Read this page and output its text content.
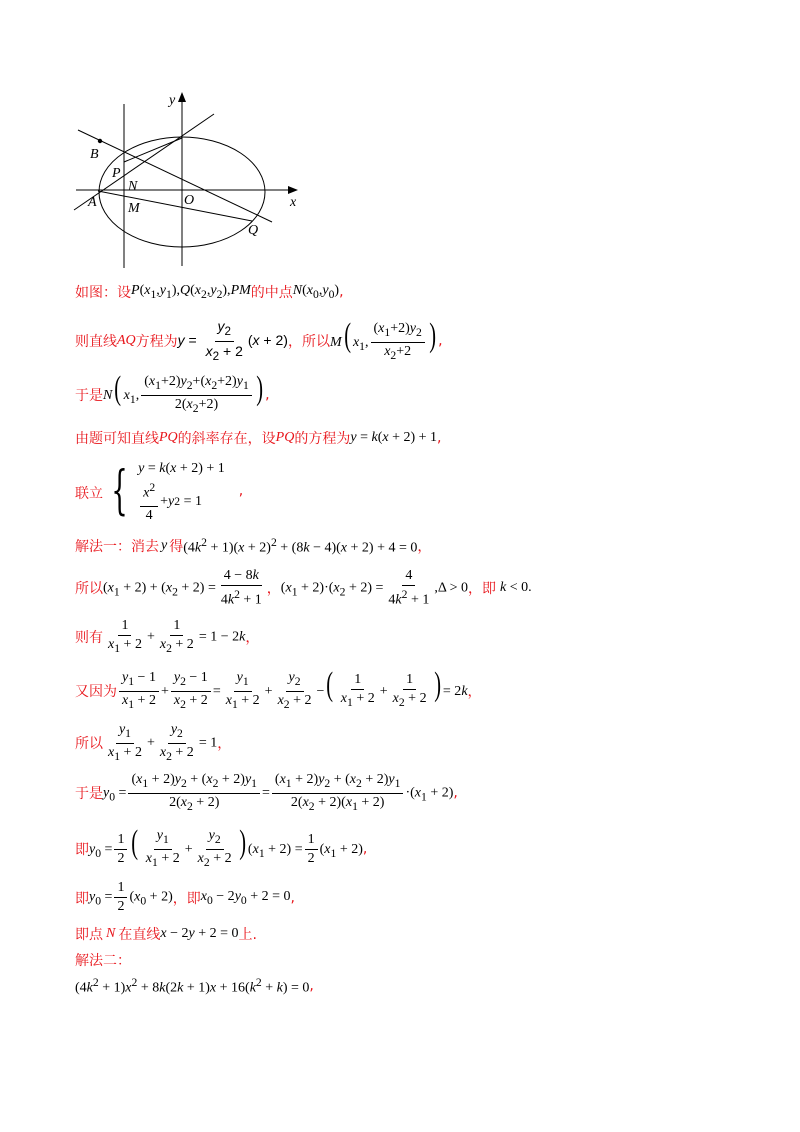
y
x
B
P
N
A M
O
Q
如图：设 $P(x_1,y_1),Q(x_2,y_2),PM$ 的中点 $N(x_0,y_0)$ ,
则直线 AQ 方程为 $y = \frac{y_2}{x_2 + 2} (x + 2)$ ， 所以 M( $x_1$, $\frac{(x_1+2)y_2}{x_2+2}$ ) ,
于是 N( $x_1$, $\frac{(x_1+2)y_2+(x_2+2)y_1}{2(x_2+2)}$ ) ,
由题可知直线 PQ 的斜率存在，设 PQ 的方程为 y = k(x + 2) + 1 ,
联立 { y = k(x + 2) + 1
$\frac{x^2}{4} + y$ 2 = 1
,
解法一：消去 y 得 $(4k^2 + 1)(x + 2)^2 + (8k - 4)(x + 2) + 4 = 0$ ，
所以 $(x_1 + 2) + (x_2 + 2) = \frac{4 - 8k}{4k^2 + 1}$ ， $(x_1 + 2)\cdot(x_2 + 2) = \frac{4}{4k^2 + 1} ,\Delta > 0$ ， 即 k < 0 .
则有 $\frac{1}{x_1 + 2} + \frac{1}{x_2 + 2} = 1 - 2k$ ，
又因为 $\frac{y_1 - 1}{x_1 + 2} + \frac{y_2 - 1}{x_2 + 2} = \frac{y_1}{x_1 + 2} + \frac{y_2}{x_2 + 2}$ −( $\frac{1}{x_1 + 2} + \frac{1}{x_2 + 2}$ ) = 2k ，
所以 $\frac{y_1}{x_1 + 2} + \frac{y_2}{x_2 + 2} = 1$ ，
于是 $y_0 = \frac{(x_1 + 2)y_2 + (x_2 + 2)y_1}{2(x_2 + 2)} = \frac{(x_1 + 2)y_2 + (x_2 + 2)y_1}{2(x_2 + 2)(x_1 + 2)} \cdot(x_1 + 2)$ ,
即 $y_0 = \frac{1}{2}$ ( $\frac{y_1}{x_1 + 2} + \frac{y_2}{x_2 + 2}$ ) $(x_1 + 2) = \frac{1}{2} (x_1 + 2)$ ,
即 $y_0 = \frac{1}{2} (x_0 + 2)$ ， 即 $x_0 - 2y_0 + 2 = 0$ ,
即点 N 在直线 x − 2y + 2 = 0 上.
解法二：
$(4k^2 + 1)x^2 + 8k(2k + 1)x + 16(k^2 + k) = 0$ ,
